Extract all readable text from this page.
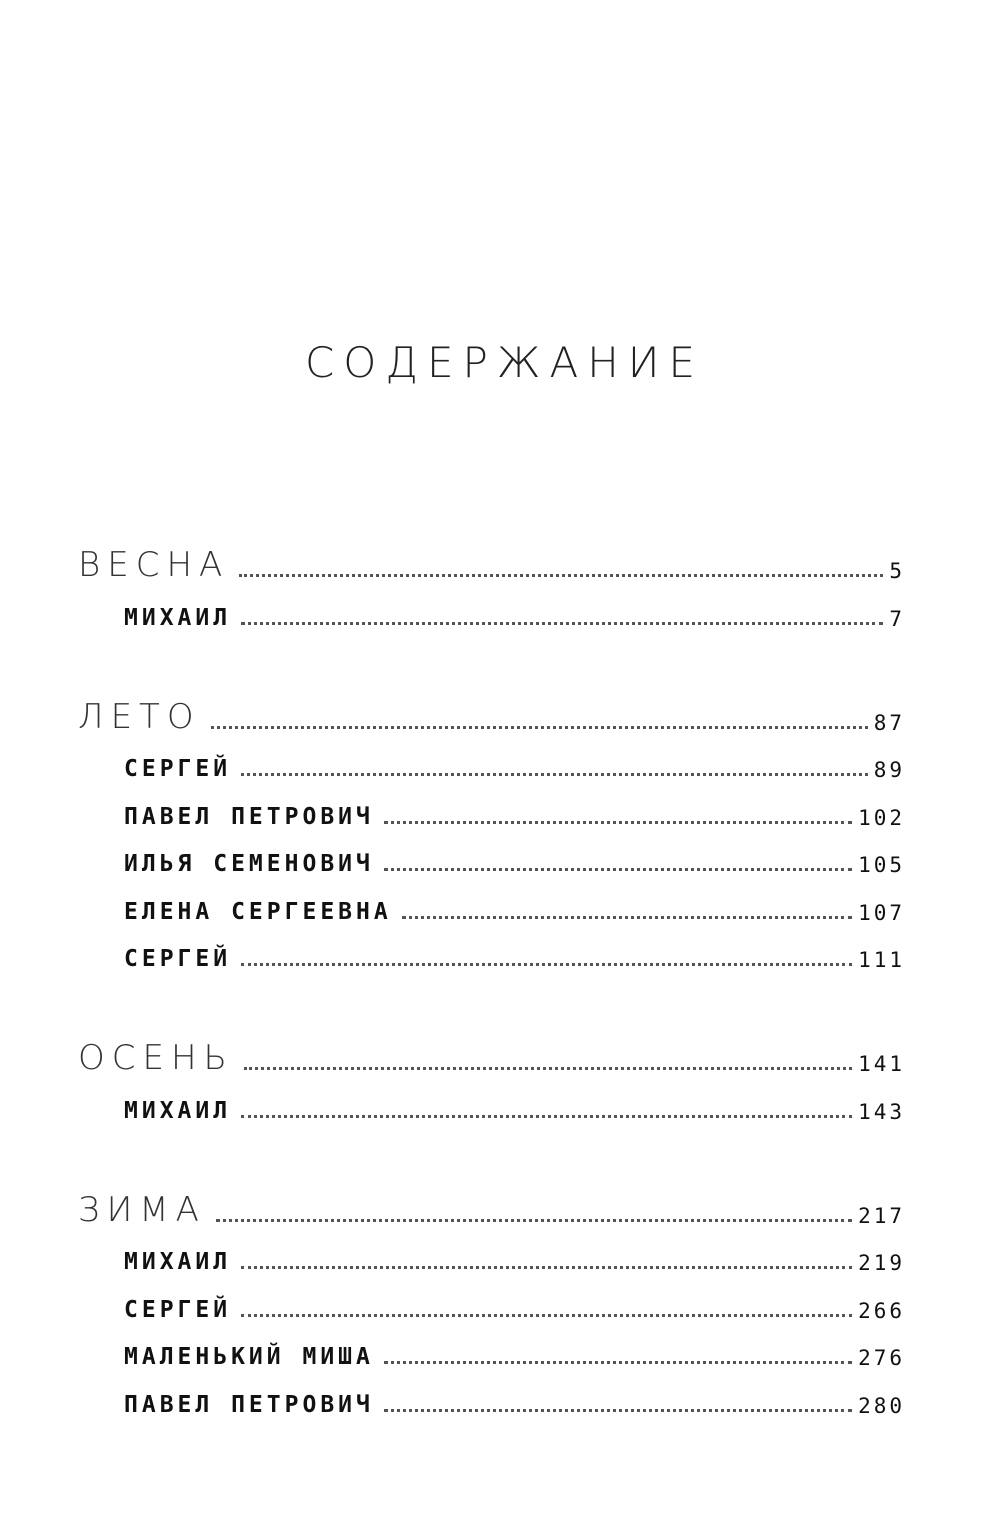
СОДЕРЖАНИЕ
ВЕСНА	5
МИХАИЛ	7
ЛЕТО	87
СЕРГЕЙ	89
ПАВЕЛ ПЕТРОВИЧ	102
ИЛЬЯ СЕМЕНОВИЧ	105
ЕЛЕНА СЕРГЕЕВНА	107
СЕРГЕЙ	111
ОСЕНЬ	141
МИХАИЛ	143
ЗИМА	217
МИХАИЛ	219
СЕРГЕЙ	266
МАЛЕНЬКИЙ МИША	276
ПАВЕЛ ПЕТРОВИЧ	280
